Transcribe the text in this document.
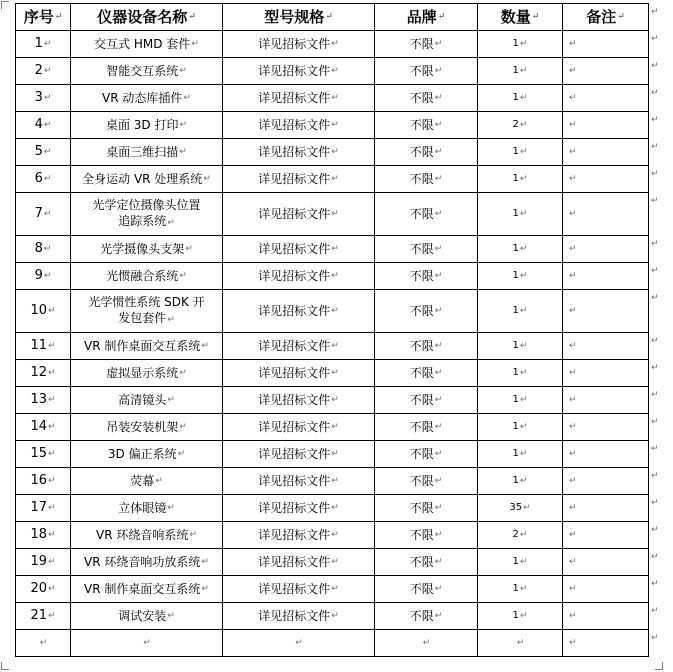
序号 ↵	仪器设备名称 ↵	型号规格 ↵	品牌 ↵	数量 ↵	备注 ↵

1 ↵	交互式 HMD 套件 ↵	详见招标文件 ↵	不限 ↵	1 ↵	↵

2 ↵	智能交互系统 ↵	详见招标文件 ↵	不限 ↵	1 ↵	↵

3 ↵	VR 动态库插件 ↵	详见招标文件 ↵	不限 ↵	1 ↵	↵

4 ↵	桌面 3D 打印 ↵	详见招标文件 ↵	不限 ↵	2 ↵	↵

5 ↵	桌面三维扫描 ↵	详见招标文件 ↵	不限 ↵	1 ↵	↵

6 ↵	全身运动 VR 处理系统 ↵	详见招标文件 ↵	不限 ↵	1 ↵	↵

7 ↵	光学定位摄像头位置
追踪系统↵	详见招标文件 ↵	不限 ↵	1 ↵	↵

8 ↵	光学摄像头支架 ↵	详见招标文件 ↵	不限 ↵	1 ↵	↵

9 ↵	光惯融合系统 ↵	详见招标文件 ↵	不限 ↵	1 ↵	↵

10 ↵	光学惯性系统 SDK 开
发包套件↵	详见招标文件 ↵	不限 ↵	1 ↵	↵

11 ↵	VR 制作桌面交互系统 ↵	详见招标文件 ↵	不限 ↵	1 ↵	↵

12 ↵	虚拟显示系统 ↵	详见招标文件 ↵	不限 ↵	1 ↵	↵

13 ↵	高清镜头 ↵	详见招标文件 ↵	不限 ↵	1 ↵	↵

14 ↵	吊装安装机架 ↵	详见招标文件 ↵	不限 ↵	1 ↵	↵

15 ↵	3D 偏正系统 ↵	详见招标文件 ↵	不限 ↵	1 ↵	↵

16 ↵	荧幕 ↵	详见招标文件 ↵	不限 ↵	1 ↵	↵

17 ↵	立体眼镜 ↵	详见招标文件 ↵	不限 ↵	35 ↵	↵

18 ↵	VR 环绕音响系统 ↵	详见招标文件 ↵	不限 ↵	2 ↵	↵

19 ↵	VR 环绕音响功放系统 ↵	详见招标文件 ↵	不限 ↵	1 ↵	↵

20 ↵	VR 制作桌面交互系统 ↵	详见招标文件 ↵	不限 ↵	1 ↵	↵

21 ↵	调试安装 ↵	详见招标文件 ↵	不限 ↵	1 ↵	↵

↵	↵	↵	↵	↵	↵
↵
↵
↵
↵
↵
↵
↵
↵
↵
↵
↵
↵
↵
↵
↵
↵
↵
↵
↵
↵
↵
↵
↵
